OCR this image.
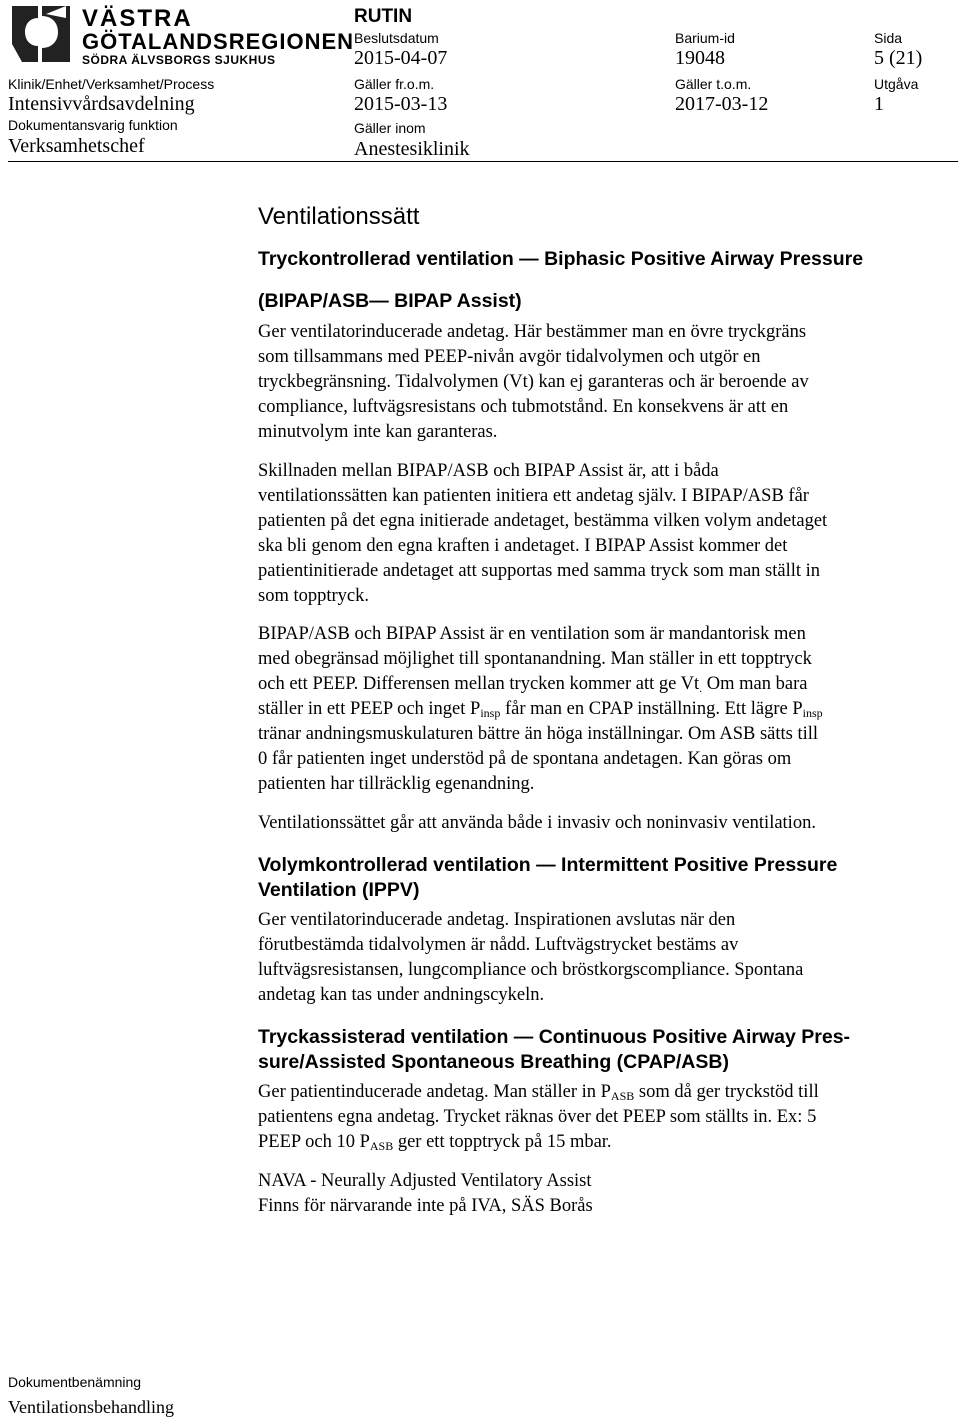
VÄSTRA
GÖTALANDSREGIONEN
SÖDRA ÄLVSBORGS SJUKHUS
RUTIN
Beslutsdatum
2015-04-07
Barium-id
19048
Sida
5 (21)
Klinik/Enhet/Verksamhet/Process
Intensivvårdsavdelning
Gäller fr.o.m.
2015-03-13
Gäller t.o.m.
2017-03-12
Utgåva
1
Dokumentansvarig funktion
Verksamhetschef
Gäller inom
Anestesiklinik
Ventilationssätt
Tryckontrollerad ventilation — Biphasic Positive Airway Pressure
(BIPAP/ASB— BIPAP Assist)
Ger ventilatorinducerade andetag. Här bestämmer man en övre tryckgräns
som tillsammans med PEEP-nivån avgör tidalvolymen och utgör en
tryckbegränsning. Tidalvolymen (Vt) kan ej garanteras och är beroende av
compliance, luftvägsresistans och tubmotstånd. En konsekvens är att en
minutvolym inte kan garanteras.
Skillnaden mellan BIPAP/ASB och BIPAP Assist är, att i båda
ventilationssätten kan patienten initiera ett andetag själv. I BIPAP/ASB får
patienten på det egna initierade andetaget, bestämma vilken volym andetaget
ska bli genom den egna kraften i andetaget. I BIPAP Assist kommer det
patientinitierade andetaget att supportas med samma tryck som man ställt in
som topptryck.
BIPAP/ASB och BIPAP Assist är en ventilation som är mandantorisk men
med obegränsad möjlighet till spontanandning. Man ställer in ett topptryck
och ett PEEP. Differensen mellan trycken kommer att ge $Vt_.$ Om man bara
ställer in ett PEEP och inget $P_{insp}$ får man en CPAP inställning. Ett lägre $P_{insp}$
tränar andningsmuskulaturen bättre än höga inställningar. Om ASB sätts till
0 får patienten inget understöd på de spontana andetagen. Kan göras om
patienten har tillräcklig egenandning.
Ventilationssättet går att använda både i invasiv och noninvasiv ventilation.
Volymkontrollerad ventilation — Intermittent Positive Pressure
Ventilation (IPPV)
Ger ventilatorinducerade andetag. Inspirationen avslutas när den
förutbestämda tidalvolymen är nådd. Luftvägstrycket bestäms av
luftvägsresistansen, lungcompliance och bröstkorgscompliance. Spontana
andetag kan tas under andningscykeln.
Tryckassisterad ventilation — Continuous Positive Airway Pres-
sure/Assisted Spontaneous Breathing (CPAP/ASB)
Ger patientinducerade andetag. Man ställer in $P_{ASB}$ som då ger tryckstöd till
patientens egna andetag. Trycket räknas över det PEEP som ställts in. Ex: 5
PEEP och 10 $P_{ASB}$ ger ett topptryck på 15 mbar.
NAVA - Neurally Adjusted Ventilatory Assist
Finns för närvarande inte på IVA, SÄS Borås
Dokumentbenämning
Ventilationsbehandling
